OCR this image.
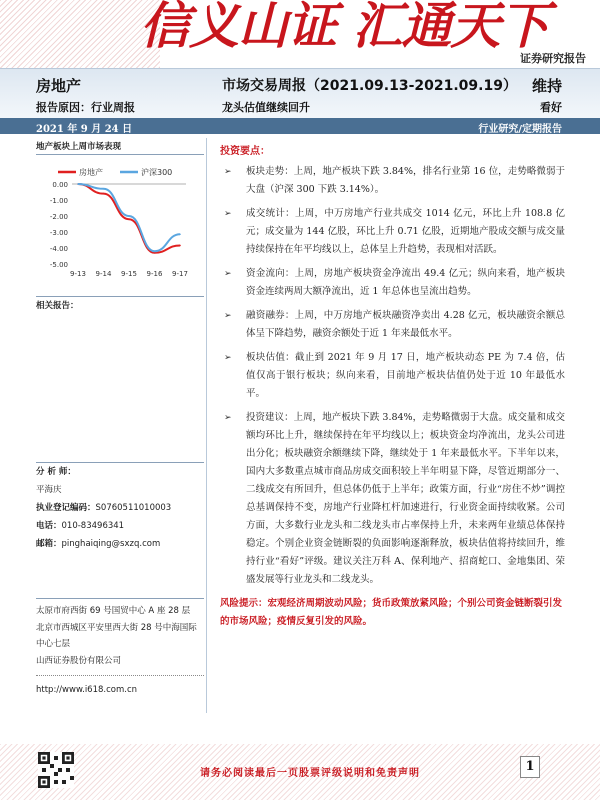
信义山证 汇通天下
证券研究报告
房地产
报告原因：行业周报
市场交易周报（2021.09.13-2021.09.19）
龙头估值继续回升
维持
看好
2021 年 9 月 24 日	行业研究/定期报告
地产板块上周市场表现
房地产	沪深300
0.00
-1.00
-2.00
-3.00
-4.00
-5.00
9-13 9-14 9-15 9-16 9-17
相关报告：
分 析 师：
平海庆
执业登记编码：S0760511010003
电话：010-83496341
邮箱：pinghaiqing@sxzq.com
太原市府西街 69 号国贸中心 A 座 28 层
北京市西城区平安里西大街 28 号中海国际中心七层
山西证券股份有限公司
http://www.i618.com.cn
投资要点：
➢ 板块走势：上周，地产板块下跌 3.84%，排名行业第 16 位，走势略微弱于大盘（沪深 300 下跌 3.14%）。
➢ 成交统计：上周，中万房地产行业共成交 1014 亿元，环比上升 108.8 亿元；成交量为 144 亿股，环比上升 0.71 亿股，近期地产股成交额与成交量持续保持在年平均线以上，总体呈上升趋势，表现相对活跃。
➢ 资金流向：上周，房地产板块资金净流出 49.4 亿元；纵向来看，地产板块资金连续两周大额净流出，近 1 年总体也呈流出趋势。
➢ 融资融券：上周，中万房地产板块融资净卖出 4.28 亿元，板块融资余额总体呈下降趋势，融资余额处于近 1 年来最低水平。
➢ 板块估值：截止到 2021 年 9 月 17 日，地产板块动态 PE 为 7.4 倍，估值仅高于银行板块；纵向来看，目前地产板块估值仍处于近 10 年最低水平。
➢ 投资建议：上周，地产板块下跌 3.84%，走势略微弱于大盘。成交量和成交额均环比上升，继续保持在年平均线以上；板块资金均净流出，龙头公司进出分化；板块融资余额继续下降，继续处于 1 年来最低水平。下半年以来，国内大多数重点城市商品房成交面积较上半年明显下降，尽管近期部分一、二线成交有所回升，但总体仍低于上半年；政策方面，行业“房住不炒”调控总基调保持不变，房地产行业降杠杆加速进行，行业资金面持续收紧。公司方面，大多数行业龙头和二线龙头市占率保持上升，未来两年业绩总体保持稳定。个别企业资金链断裂的负面影响逐渐释放，板块估值将持续回升，维持行业“看好”评级。建议关注万科 A、保利地产、招商蛇口、金地集团、荣盛发展等行业龙头和二线龙头。
风险提示：宏观经济周期波动风险；货币政策放紧风险；个别公司资金链断裂引发的市场风险；疫情反复引发的风险。
请务必阅读最后一页股票评级说明和免责声明	1
